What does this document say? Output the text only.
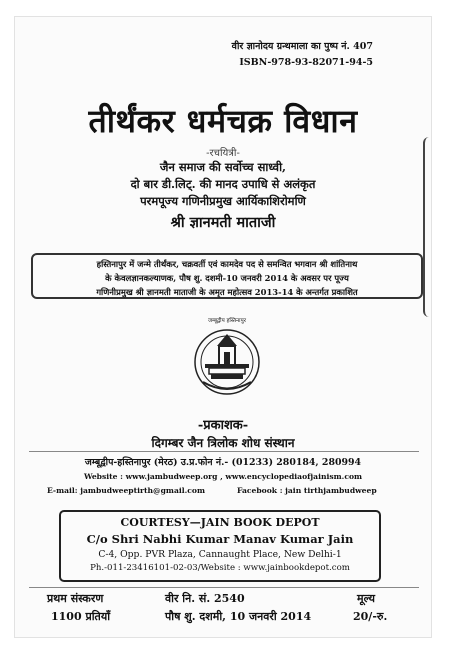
वीर ज्ञानोदय ग्रन्थमाला का पुष्प नं. 407
ISBN-978-93-82071-94-5
तीर्थंकर धर्मचक्र विधान
-रचयित्री-
जैन समाज की सर्वोच्च साध्वी,
दो बार डी.लिट्. की मानद उपाधि से अलंकृत
परमपूज्य गणिनीप्रमुख आर्यिकाशिरोमणि
श्री ज्ञानमती माताजी
हस्तिनापुर में जन्मे तीर्थंकर, चक्रवर्ती एवं कामदेव पद से समन्वित भगवान श्री शांतिनाथ
के केवलज्ञानकल्याणक, पौष शु. दशमी-10 जनवरी 2014 के अवसर पर पूज्य
गणिनीप्रमुख श्री ज्ञानमती माताजी के अमृत महोत्सव 2013-14 के अन्तर्गत प्रकाशित
जम्बूद्वीप हस्तिनापुर
-प्रकाशक-
दिगम्बर जैन त्रिलोक शोध संस्थान
जम्बूद्वीप-हस्तिनापुर (मेरठ) उ.प्र.फोन नं.- (01233) 280184, 280994
Website : www.jambudweep.org , www.encyclopediaofjainism.com
E-mail: jambudweeptirth@gmail.com	Facebook : jain tirthjambudweep
COURTESY—JAIN BOOK DEPOT
C/o Shri Nabhi Kumar Manav Kumar Jain
C-4, Opp. PVR Plaza, Cannaught Place, New Delhi-1
Ph.-011-23416101-02-03/Website : www.jainbookdepot.com
प्रथम संस्करण
1100 प्रतियाँ
वीर नि. सं. 2540
पौष शु. दशमी, 10 जनवरी 2014
मूल्य
20/-रु.
